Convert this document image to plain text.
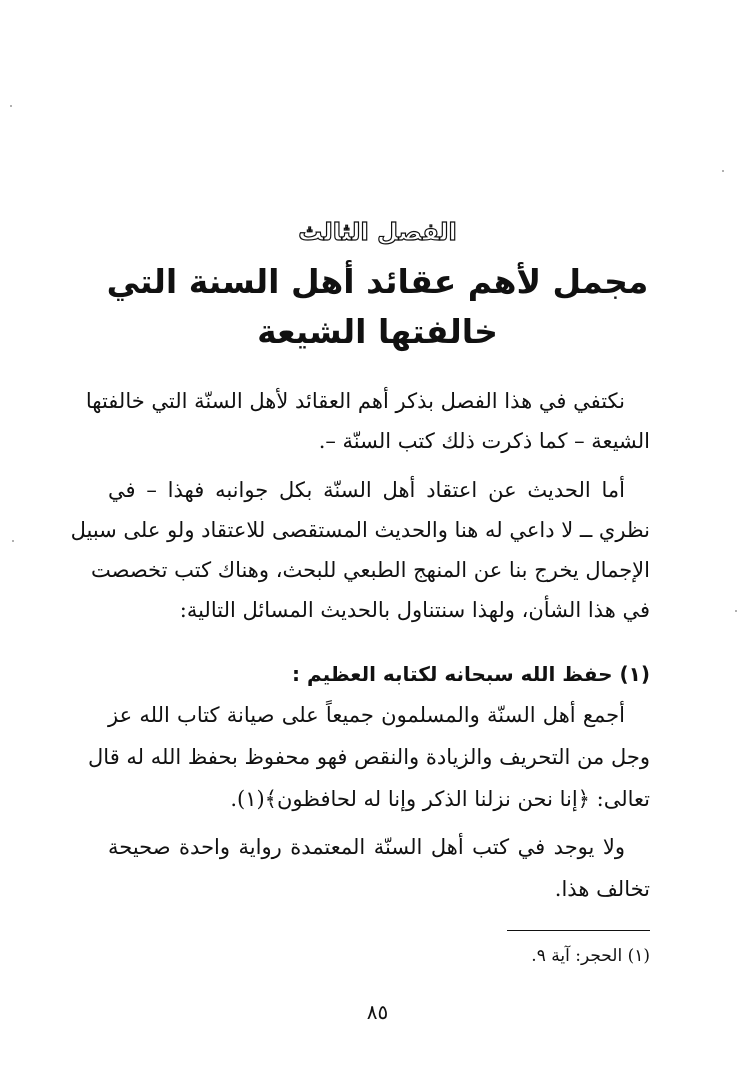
الفصل الثالث
مجمل لأهم عقائد أهل السنة التي
خالفتها الشيعة
نكتفي في هذا الفصل بذكر أهم العقائد لأهل السنّة التي خالفتها
الشيعة – كما ذكرت ذلك كتب السنّة –.
أما الحديث عن اعتقاد أهل السنّة بكل جوانبه فهذا – في
نظري ــ لا داعي له هنا والحديث المستقصى للاعتقاد ولو على سبيل
الإجمال يخرج بنا عن المنهج الطبعي للبحث، وهناك كتب تخصصت
في هذا الشأن، ولهذا سنتناول بالحديث المسائل التالية:
(١) حفظ الله سبحانه لكتابه العظيم :
أجمع أهل السنّة والمسلمون جميعاً على صيانة كتاب الله عز
وجل من التحريف والزيادة والنقص فهو محفوظ بحفظ الله له قال
تعالى: ﴿إنا نحن نزلنا الذكر وإنا له لحافظون﴾(١).
ولا يوجد في كتب أهل السنّة المعتمدة رواية واحدة صحيحة
تخالف هذا.
(١) الحجر: آية ٩.
٨٥
